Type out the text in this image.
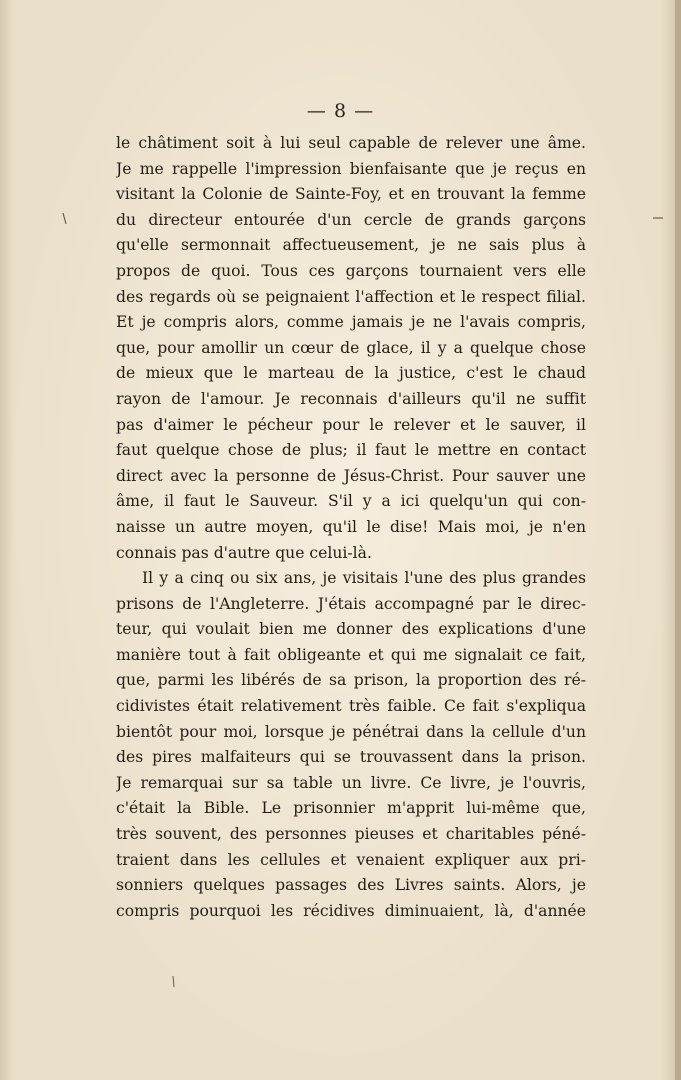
— 8 —
le châtiment soit à lui seul capable de relever une âme.
Je me rappelle l'impression bienfaisante que je reçus en
visitant la Colonie de Sainte-Foy, et en trouvant la femme
du directeur entourée d'un cercle de grands garçons
qu'elle sermonnait affectueusement, je ne sais plus à
propos de quoi. Tous ces garçons tournaient vers elle
des regards où se peignaient l'affection et le respect filial.
Et je compris alors, comme jamais je ne l'avais compris,
que, pour amollir un cœur de glace, il y a quelque chose
de mieux que le marteau de la justice, c'est le chaud
rayon de l'amour. Je reconnais d'ailleurs qu'il ne suffit
pas d'aimer le pécheur pour le relever et le sauver, il
faut quelque chose de plus; il faut le mettre en contact
direct avec la personne de Jésus-Christ. Pour sauver une
âme, il faut le Sauveur. S'il y a ici quelqu'un qui con-
naisse un autre moyen, qu'il le dise! Mais moi, je n'en
connais pas d'autre que celui-là.
Il y a cinq ou six ans, je visitais l'une des plus grandes
prisons de l'Angleterre. J'étais accompagné par le direc-
teur, qui voulait bien me donner des explications d'une
manière tout à fait obligeante et qui me signalait ce fait,
que, parmi les libérés de sa prison, la proportion des ré-
cidivistes était relativement très faible. Ce fait s'expliqua
bientôt pour moi, lorsque je pénétrai dans la cellule d'un
des pires malfaiteurs qui se trouvassent dans la prison.
Je remarquai sur sa table un livre. Ce livre, je l'ouvris,
c'était la Bible. Le prisonnier m'apprit lui-même que,
très souvent, des personnes pieuses et charitables péné-
traient dans les cellules et venaient expliquer aux pri-
sonniers quelques passages des Livres saints. Alors, je
compris pourquoi les récidives diminuaient, là, d'année
